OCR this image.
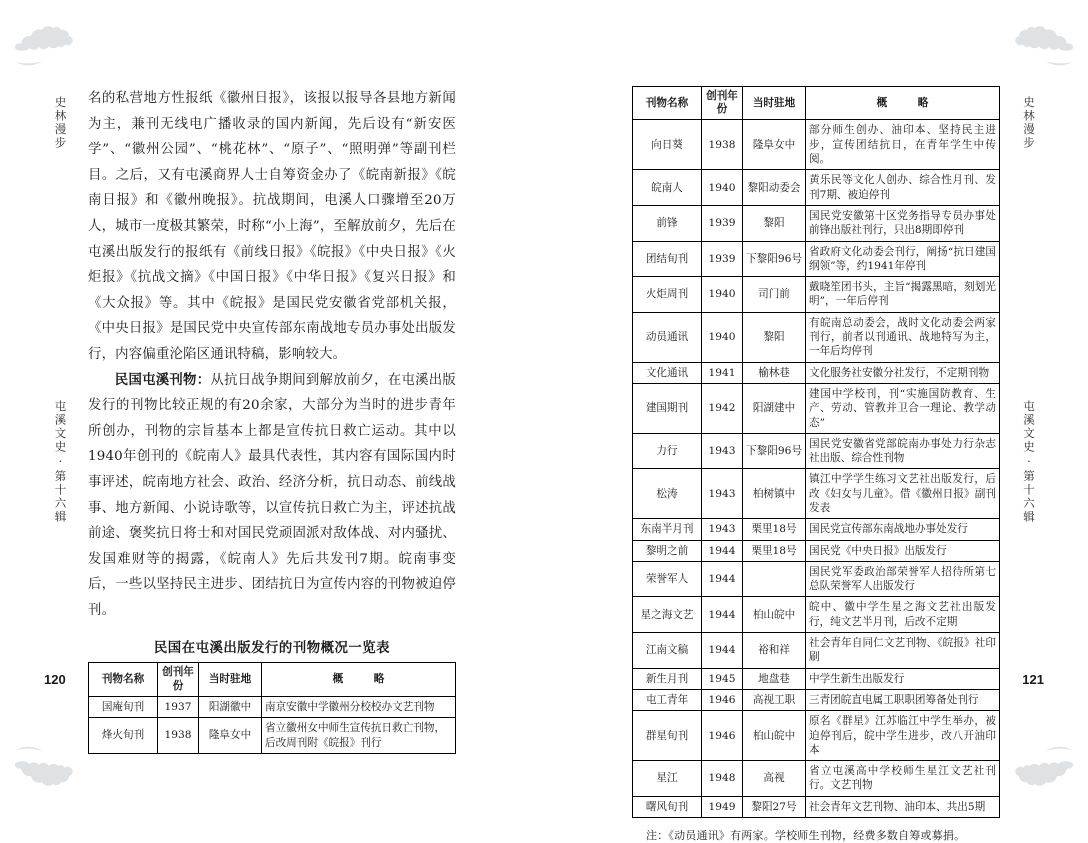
史林漫步	史林漫步
屯溪文史·第十六辑	屯溪文史·第十六辑
120	121

名的私营地方性报纸《徽州日报》，该报以报导各县地方新闻为主，兼刊无线电广播收录的国内新闻，先后设有“新安医学”、“徽州公园”、“桃花林”、“原子”、“照明弹”等副刊栏目。之后，又有屯溪商界人士自筹资金办了《皖南新报》《皖南日报》和《徽州晚报》。抗战期间，电溪人口骤增至20万人，城市一度极其繁荣，时称“小上海”，至解放前夕，先后在屯溪出版发行的报纸有《前线日报》《皖报》《中央日报》《火炬报》《抗战文摘》《中国日报》《中华日报》《复兴日报》和《大众报》等。其中《皖报》是国民党安徽省党部机关报，《中央日报》是国民党中央宣传部东南战地专员办事处出版发行，内容偏重沦陷区通讯特稿，影响较大。

民国屯溪刊物：从抗日战争期间到解放前夕，在屯溪出版发行的刊物比较正规的有20余家，大部分为当时的进步青年所创办，刊物的宗旨基本上都是宣传抗日救亡运动。其中以1940年创刊的《皖南人》最具代表性，其内容有国际国内时事评述，皖南地方社会、政治、经济分析，抗日动态、前线战事、地方新闻、小说诗歌等，以宣传抗日救亡为主，评述抗战前途、褒奖抗日将士和对国民党顽固派对敌体战、对内骚扰、发国难财等的揭露，《皖南人》先后共发刊7期。皖南事变后，一些以坚持民主进步、团结抗日为宣传内容的刊物被迫停刊。

民国在屯溪出版发行的刊物概况一览表
刊物名称	创刊年份	当时驻地	概　略
国庵旬刊	1937	阳湖徽中	南京安徽中学徽州分校校办文艺刊物
烽火旬刊	1938	隆阜女中	省立徽州女中师生宣传抗日救亡刊物，后改周刊附《皖报》刊行
刊物名称	创刊年份	当时驻地	概　略
向日葵	1938	隆阜女中	部分师生创办、油印本、坚持民主进步，宣传团结抗日，在青年学生中传阅。
皖南人	1940	黎阳动委会	黄乐民等文化人创办、综合性月刊、发刊7期、被迫停刊
前锋	1939	黎阳	国民党安徽第十区党务指导专员办事处前锋出版社刊行，只出8期即停刊
团结旬刊	1939	下黎阳96号	省政府文化动委会刊行，阐扬“抗日建国纲领”等，约1941年停刊
火炬周刊	1940	司门前	戴晓笙团书头，主旨“揭露黑暗，刻划光明”，一年后停刊
动员通讯	1940	黎阳	有皖南总动委会，战时文化动委会两家刊行，前者以刊通讯、战地特写为主，一年后均停刊
文化通讯	1941	榆林巷	文化服务社安徽分社发行，不定期刊物
建国期刊	1942	阳湖建中	建国中学校刊，刊“实施国防教育、生产、劳动、管教并卫合一理论、教学动态”
力行	1943	下黎阳96号	国民党安徽省党部皖南办事处力行杂志社出版、综合性刊物
松涛	1943	柏树镇中	镇江中学学生练习文艺社出版发行，后改《妇女与儿童》。借《徽州日报》副刊发表
东南半月刊	1943	栗里18号	国民党宣传部东南战地办事处发行
黎明之前	1944	栗里18号	国民党《中央日报》出版发行
荣誉军人	1944		国民党军委政治部荣誉军人招待所第七总队荣誉军人出版发行
星之海文艺	1944	柏山皖中	皖中、徽中学生星之海文艺社出版发行，纯文艺半月刊，后改不定期
江南文稿	1944	裕和祥	社会青年自同仁文艺刊物、《皖报》社印刷
新生月刊	1945	地盘巷	中学生新生出版发行
屯工青年	1946	高视工职	三青团皖直电属工职职团筹备处刊行
群星旬刊	1946	柏山皖中	原名《群星》江苏临江中学生举办，被迫停刊后，皖中学生进步，改八开油印本
星江	1948	高视	省立屯溪高中学校师生星江文艺社刊行。文艺刊物
曙风旬刊	1949	黎阳27号	社会青年文艺刊物、油印本、共出5期
注：《动员通讯》有两家。学校师生刊物，经费多数自筹或募捐。
